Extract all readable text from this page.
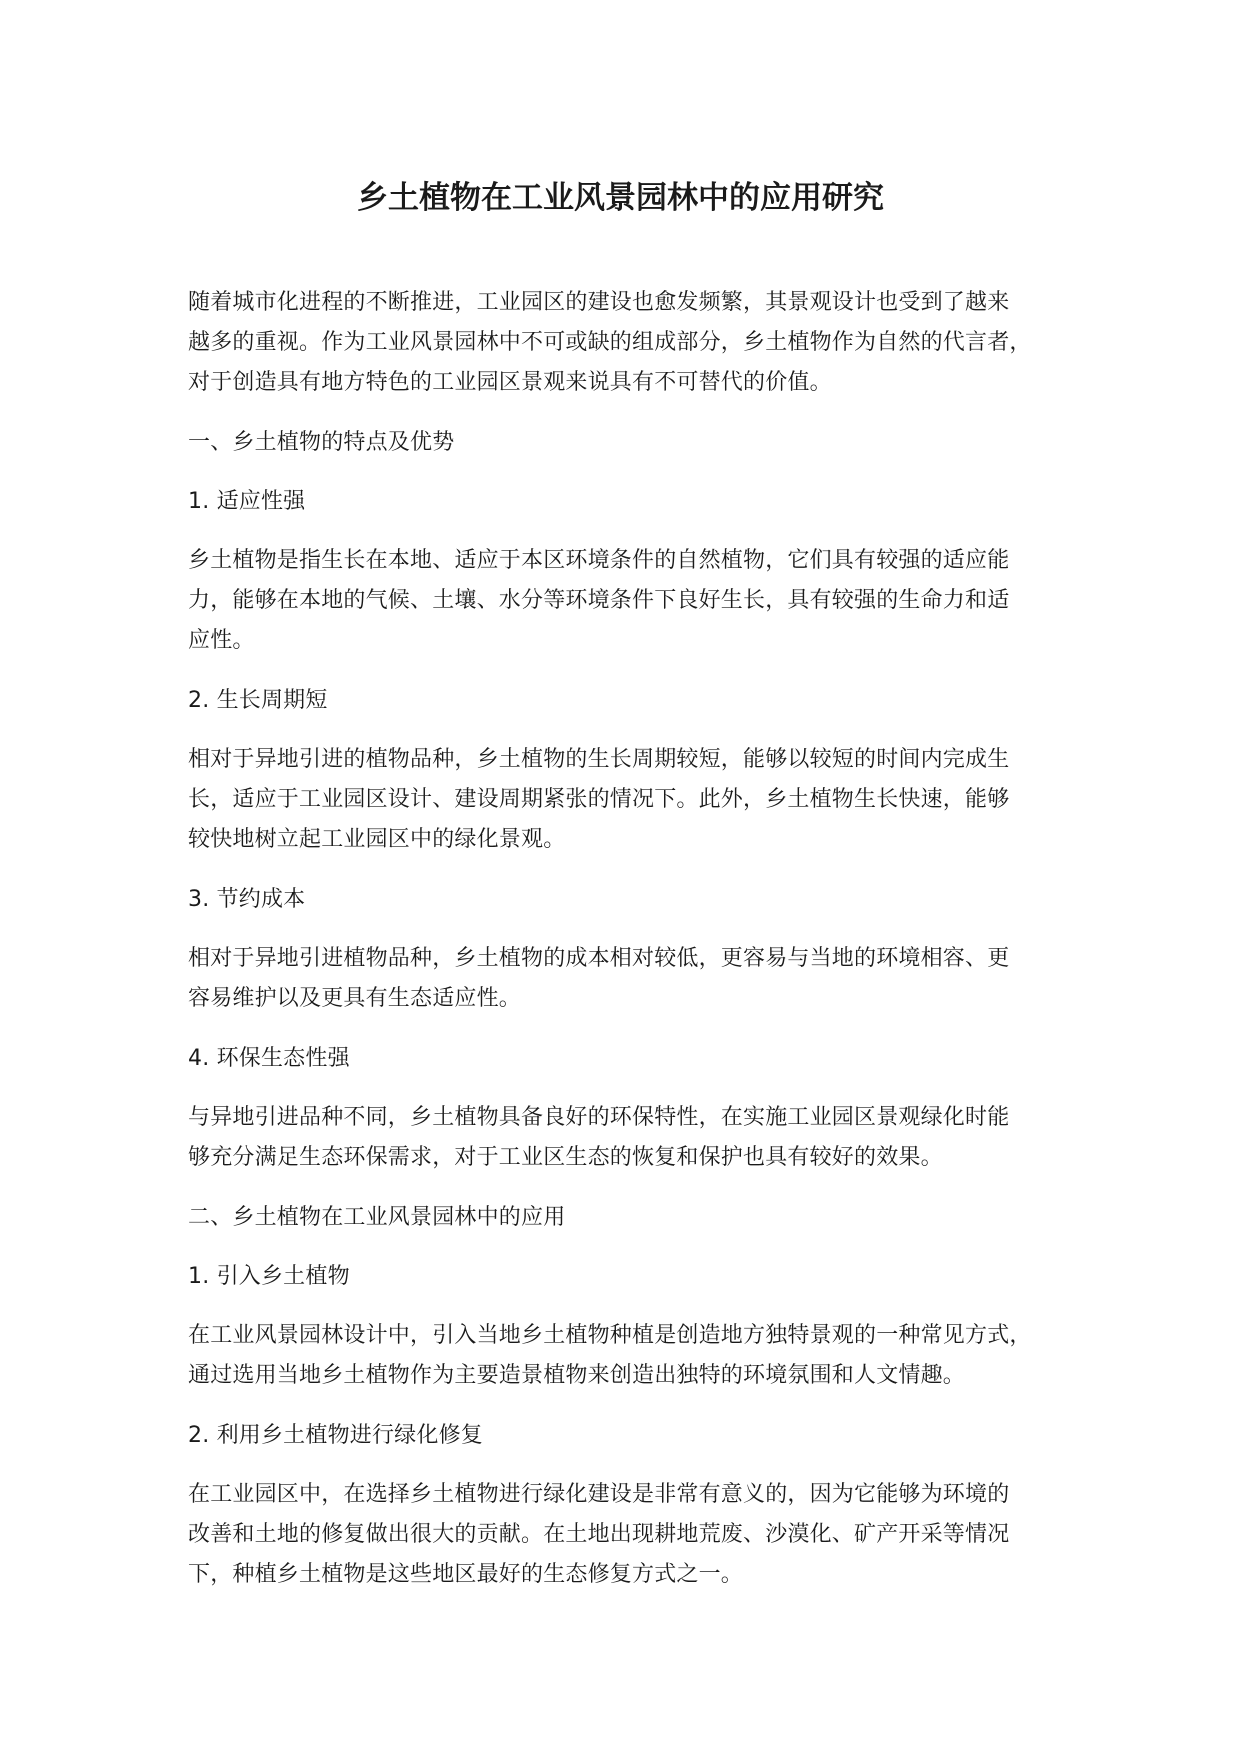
乡土植物在工业风景园林中的应用研究

随着城市化进程的不断推进，工业园区的建设也愈发频繁，其景观设计也受到了越来
越多的重视。作为工业风景园林中不可或缺的组成部分，乡土植物作为自然的代言者，
对于创造具有地方特色的工业园区景观来说具有不可替代的价值。

一、乡土植物的特点及优势

1. 适应性强

乡土植物是指生长在本地、适应于本区环境条件的自然植物，它们具有较强的适应能
力，能够在本地的气候、土壤、水分等环境条件下良好生长，具有较强的生命力和适
应性。

2. 生长周期短

相对于异地引进的植物品种，乡土植物的生长周期较短，能够以较短的时间内完成生
长，适应于工业园区设计、建设周期紧张的情况下。此外，乡土植物生长快速，能够
较快地树立起工业园区中的绿化景观。

3. 节约成本

相对于异地引进植物品种，乡土植物的成本相对较低，更容易与当地的环境相容、更
容易维护以及更具有生态适应性。

4. 环保生态性强

与异地引进品种不同，乡土植物具备良好的环保特性，在实施工业园区景观绿化时能
够充分满足生态环保需求，对于工业区生态的恢复和保护也具有较好的效果。

二、乡土植物在工业风景园林中的应用

1. 引入乡土植物

在工业风景园林设计中，引入当地乡土植物种植是创造地方独特景观的一种常见方式，
通过选用当地乡土植物作为主要造景植物来创造出独特的环境氛围和人文情趣。

2. 利用乡土植物进行绿化修复

在工业园区中，在选择乡土植物进行绿化建设是非常有意义的，因为它能够为环境的
改善和土地的修复做出很大的贡献。在土地出现耕地荒废、沙漠化、矿产开采等情况
下，种植乡土植物是这些地区最好的生态修复方式之一。
